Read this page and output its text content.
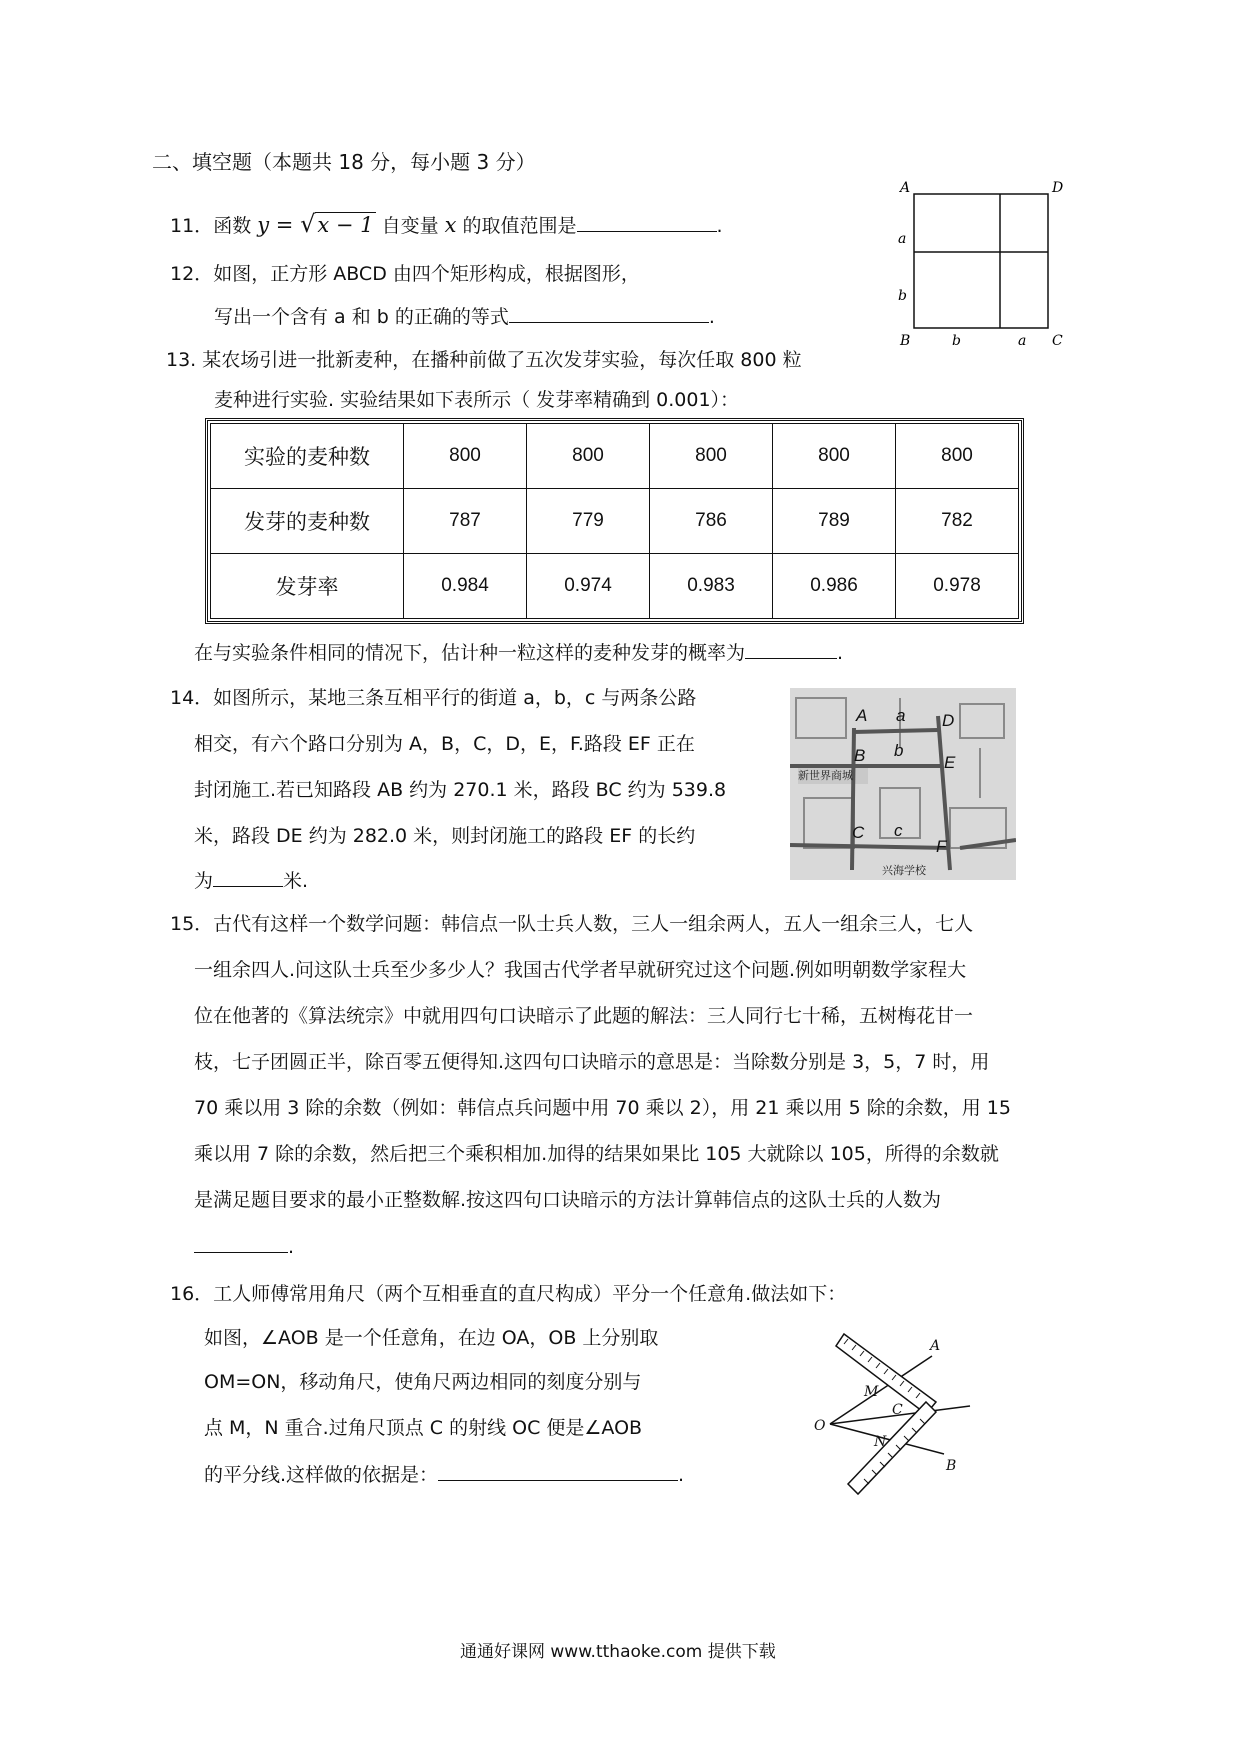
二、填空题（本题共 18 分，每小题 3 分）
11．函数 y = √x − 1 自变量 x 的取值范围是	.
12．如图，正方形 ABCD 由四个矩形构成，根据图形，
写出一个含有 a 和 b 的正确的等式	.
A	D
B	C
a
b
b	a
13. 某农场引进一批新麦种，在播种前做了五次发芽实验，每次任取 800 粒
麦种进行实验. 实验结果如下表所示（ 发芽率精确到 0.001）：
实验的麦种数	800	800	800	800	800
发芽的麦种数	787	779	786	789	782
发芽率	0.984	0.974	0.983	0.986	0.978
在与实验条件相同的情况下，估计种一粒这样的麦种发芽的概率为	.
14．如图所示，某地三条互相平行的街道 a，b，c 与两条公路
相交，有六个路口分别为 A，B，C，D，E，F.路段 EF 正在
封闭施工.若已知路段 AB 约为 270.1 米，路段 BC 约为 539.8
米，路段 DE 约为 282.0 米，则封闭施工的路段 EF 的长约
为	米.
A a D
B b
E
C c
F
新世界商城
兴海学校
15．古代有这样一个数学问题：韩信点一队士兵人数，三人一组余两人，五人一组余三人，七人
一组余四人.问这队士兵至少多少人？我国古代学者早就研究过这个问题.例如明朝数学家程大
位在他著的《算法统宗》中就用四句口诀暗示了此题的解法：三人同行七十稀，五树梅花甘一
枝，七子团圆正半，除百零五便得知.这四句口诀暗示的意思是：当除数分别是 3，5，7 时，用
70 乘以用 3 除的余数（例如：韩信点兵问题中用 70 乘以 2），用 21 乘以用 5 除的余数，用 15
乘以用 7 除的余数，然后把三个乘积相加.加得的结果如果比 105 大就除以 105，所得的余数就
是满足题目要求的最小正整数解.按这四句口诀暗示的方法计算韩信点的这队士兵的人数为
.
16．工人师傅常用角尺（两个互相垂直的直尺构成）平分一个任意角.做法如下：
如图，∠AOB 是一个任意角，在边 OA，OB 上分别取
OM=ON，移动角尺，使角尺两边相同的刻度分别与
点 M，N 重合.过角尺顶点 C 的射线 OC 便是∠AOB
的平分线.这样做的依据是：	.
A
M
C
O
N
B
通通好课网 www.tthaoke.com 提供下载
